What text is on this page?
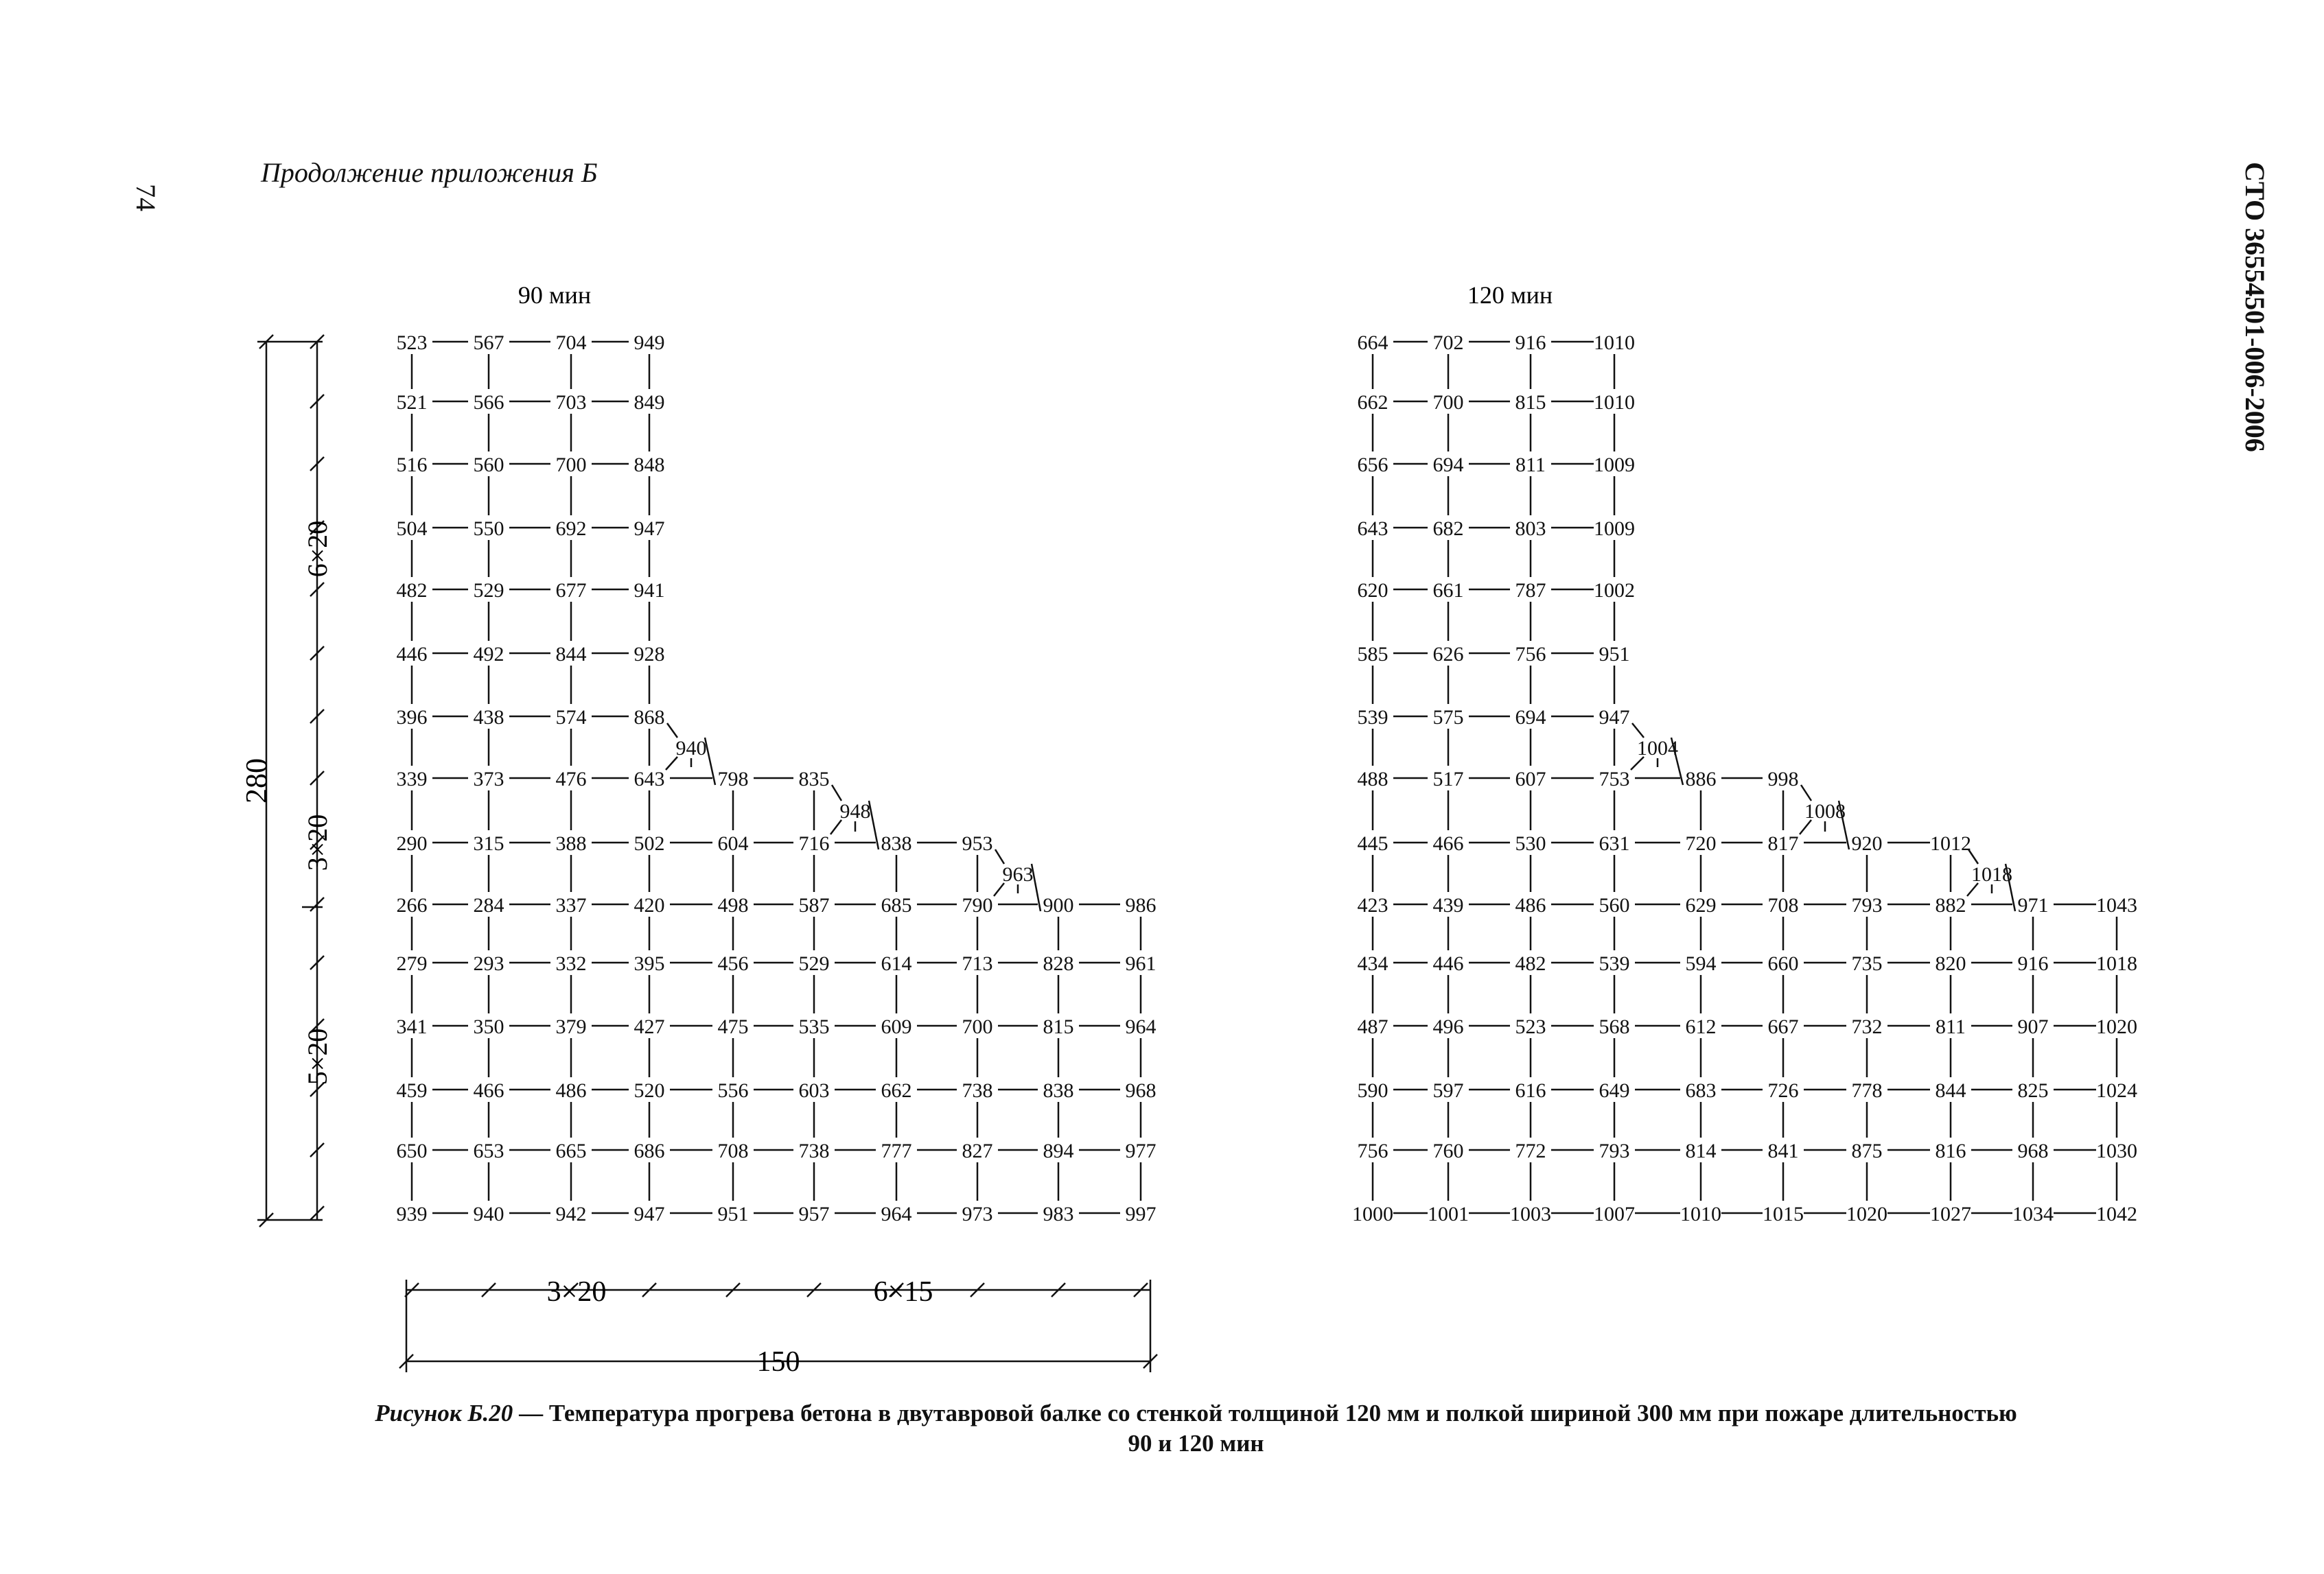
74
Продолжение приложения Б	СТО 36554501-006-2006
523 567	704 949
521 566	703 849
516 560	700 848
504 550	692 947
482 529	677 941
446 492	844 928
396 438	574 868
339 373	476 643	798 835
290 315	388 502	604 716	838 953
266 284	337 420	498 587	685 790 900	986
279 293	332 395	456 529	614 713 828	961
341 350	379 427	475 535	609 700 815	964
459 466	486 520	556 603	662 738 838	968
650 653	665 686	708 738	777 827 894	977
939 940	942 947	951 957	964 973 983	997
940
948
963
664 702	916 1010
662 700	815 1010
656 694	811 1009
643 682	803 1009
620 661	787 1002
585 626	756	951
539 575	694	947
488 517	607	753	886	998
445 466	530	631	720	817	920 1012
423 439	486	560	629	708	793	882	971 1043
434 446	482	539	594	660	735	820	916 1018
487 496	523	568	612	667	732	811	907 1020
590 597	616	649	683	726	778	844	825 1024
756 760	772	793	814	841	875	816	968 1030
1000 1001 1003 1007 1010 1015 1020 1027 1034 1042
1004
1008
1018
90 мин	120 мин
280
6×20
3×20
5×20
3×20	6×15
150
Рисунок Б.20 — Температура прогрева бетона в двутавровой балке со стенкой толщиной 120 мм и полкой шириной 300 мм при пожаре длительностью
90 и 120 мин
